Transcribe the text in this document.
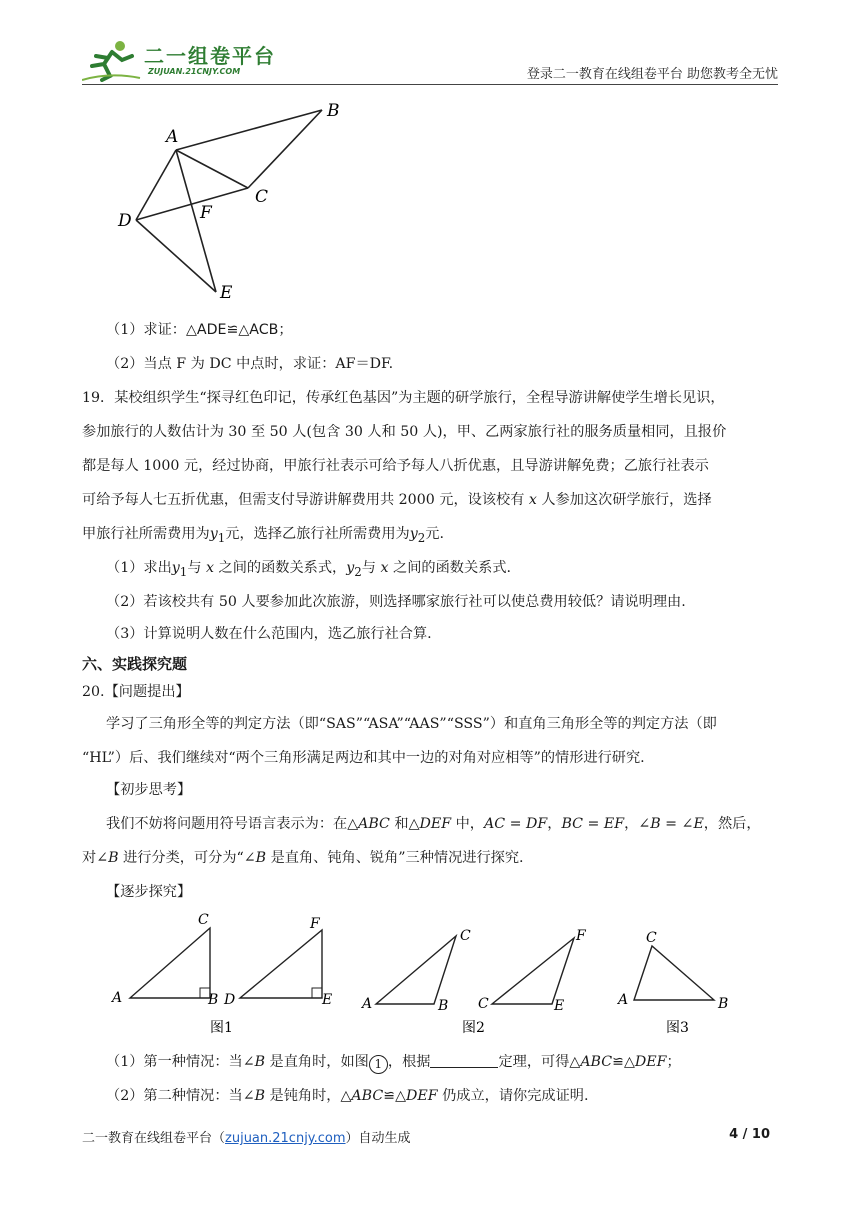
二一组卷平台
ZUJUAN.21CNJY.COM	登录二一教育在线组卷平台 助您教考全无忧
A
B
C
D
E
F
（1）求证：△ADE≌△ACB；
（2）当点 F 为 DC 中点时，求证：AF＝DF.
19．某校组织学生“探寻红色印记，传承红色基因”为主题的研学旅行，全程导游讲解使学生增长见识，
参加旅行的人数估计为 30 至 50 人(包含 30 人和 50 人)，甲、乙两家旅行社的服务质量相同，且报价
都是每人 1000 元，经过协商，甲旅行社表示可给予每人八折优惠，且导游讲解免费；乙旅行社表示
可给予每人七五折优惠，但需支付导游讲解费用共 2000 元，设该校有 x 人参加这次研学旅行，选择
甲旅行社所需费用为$y_1$元，选择乙旅行社所需费用为$y_2$元.
（1）求出$y_1$与 x 之间的函数关系式，$y_2$与 x 之间的函数关系式.
（2）若该校共有 50 人要参加此次旅游，则选择哪家旅行社可以使总费用较低？请说明理由.
（3）计算说明人数在什么范围内，选乙旅行社合算.
六、实践探究题
20.【问题提出】
学习了三角形全等的判定方法（即“SAS”“ASA”“AAS”“SSS”）和直角三角形全等的判定方法（即
“HL”）后、我们继续对“两个三角形满足两边和其中一边的对角对应相等”的情形进行研究.
【初步思考】
我们不妨将问题用符号语言表示为：在△ABC 和△DEF 中，AC = DF，BC = EF，∠B = ∠E，然后，
对∠B 进行分类，可分为“∠B 是直角、钝角、锐角”三种情况进行探究.
【逐步探究】
A	B
C
D	E
F
A	B
C
C	E
F
A	B
C
图1	图2	图3
（1）第一种情况：当∠B 是直角时，如图 1 ，根据	定理，可得△ABC≌△DEF；
（2）第二种情况：当∠B 是钝角时，△ABC≌△DEF 仍成立，请你完成证明.
二一教育在线组卷平台（zujuan.21cnjy.com）自动生成	4 / 10
